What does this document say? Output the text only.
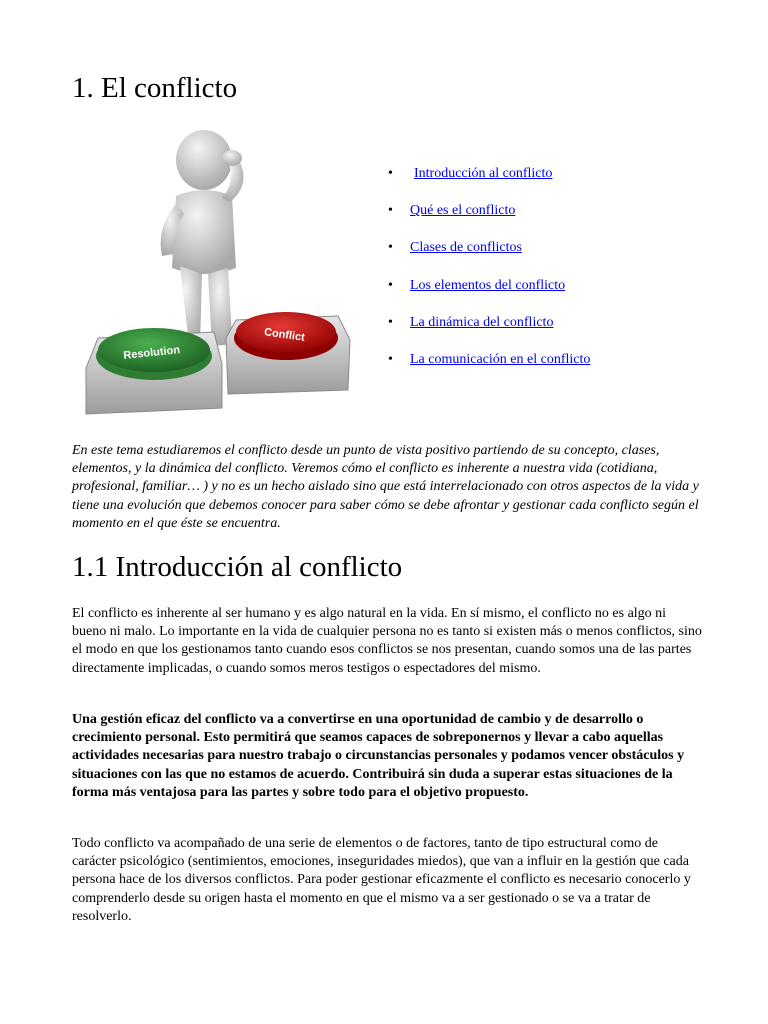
1. El conflicto
Resolution
Conflict
• Introducción al conflicto
• Qué es el conflicto
• Clases de conflictos
• Los elementos del conflicto
• La dinámica del conflicto
• La comunicación en el conflicto

En este tema estudiaremos el conflicto desde un punto de vista positivo partiendo de su concepto, clases, elementos, y la dinámica del conflicto. Veremos cómo el conflicto es inherente a nuestra vida (cotidiana, profesional, familiar… ) y no es un hecho aislado sino que está interrelacionado con otros aspectos de la vida y tiene una evolución que debemos conocer para saber cómo se debe afrontar y gestionar cada conflicto según el momento en el que éste se encuentra.

1.1 Introducción al conflicto

El conflicto es inherente al ser humano y es algo natural en la vida. En sí mismo, el conflicto no es algo ni bueno ni malo. Lo importante en la vida de cualquier persona no es tanto si existen más o menos conflictos, sino el modo en que los gestionamos tanto cuando esos conflictos se nos presentan, cuando somos una de las partes directamente implicadas, o cuando somos meros testigos o espectadores del mismo.

Una gestión eficaz del conflicto va a convertirse en una oportunidad de cambio y de desarrollo o crecimiento personal. Esto permitirá que seamos capaces de sobreponernos y llevar a cabo aquellas actividades necesarias para nuestro trabajo o circunstancias personales y podamos vencer obstáculos y situaciones con las que no estamos de acuerdo. Contribuirá sin duda a superar estas situaciones de la forma más ventajosa para las partes y sobre todo para el objetivo propuesto.

Todo conflicto va acompañado de una serie de elementos o de factores, tanto de tipo estructural como de carácter psicológico (sentimientos, emociones, inseguridades miedos), que van a influir en la gestión que cada persona hace de los diversos conflictos. Para poder gestionar eficazmente el conflicto es necesario conocerlo y comprenderlo desde su origen hasta el momento en que el mismo va a ser gestionado o se va a tratar de resolverlo.
